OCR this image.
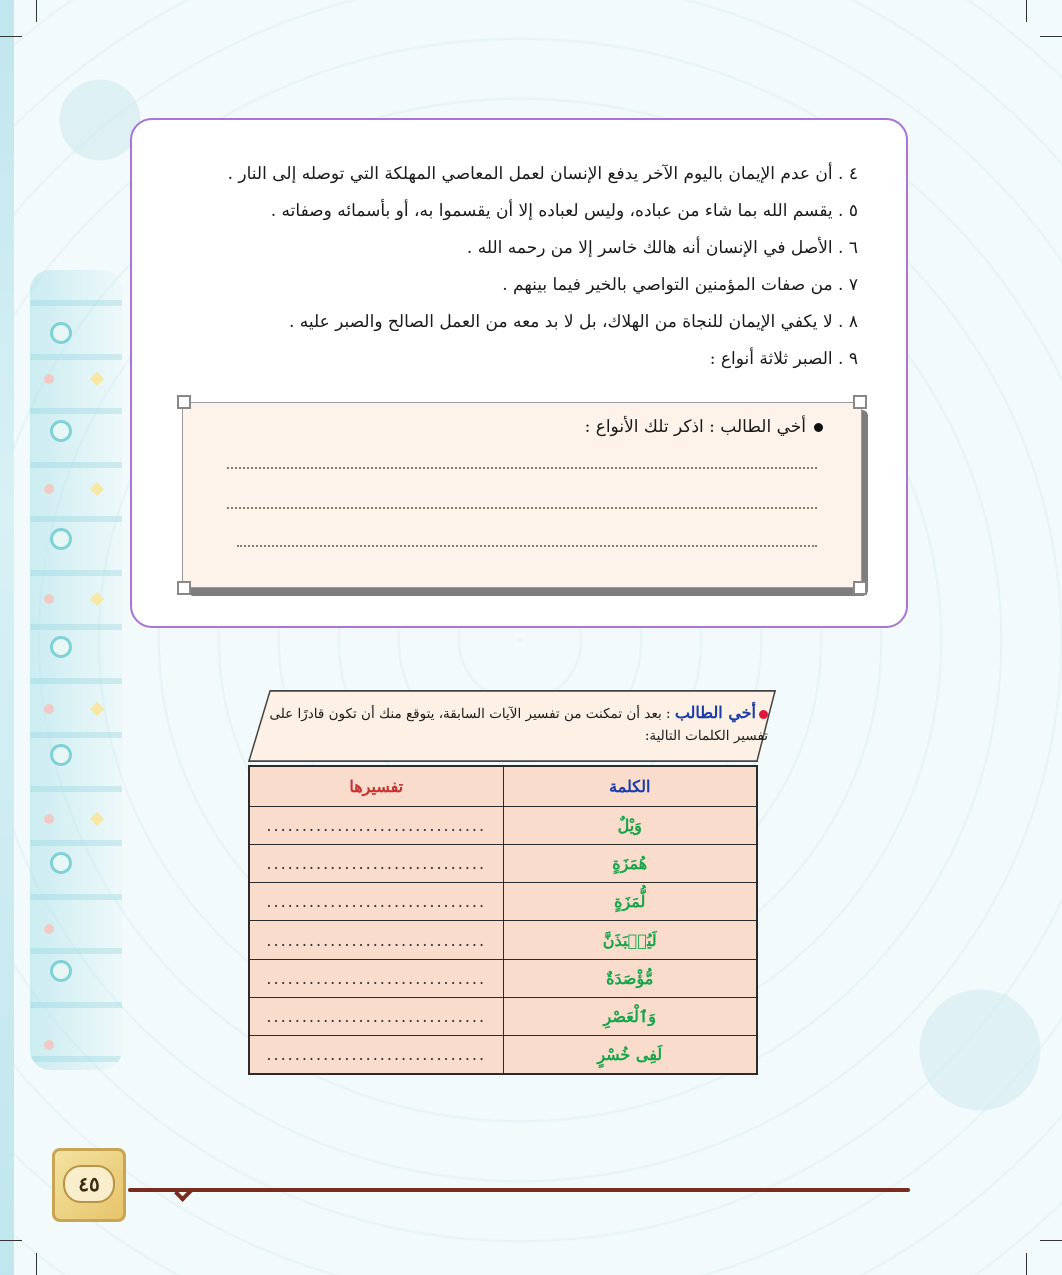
٤ . أن عدم الإيمان باليوم الآخر يدفع الإنسان لعمل المعاصي المهلكة التي توصله إلى النار .
٥ . يقسم الله بما شاء من عباده، وليس لعباده إلا أن يقسموا به، أو بأسمائه وصفاته .
٦ . الأصل في الإنسان أنه هالك خاسر إلا من رحمه الله .
٧ . من صفات المؤمنين التواصي بالخير فيما بينهم .
٨ . لا يكفي الإيمان للنجاة من الهلاك، بل لا بد معه من العمل الصالح والصبر عليه .
٩ . الصبر ثلاثة أنواع :
أخي الطالب : اذكر تلك الأنواع :
أخي الطالب : بعد أن تمكنت من تفسير الآيات السابقة، يتوقع منك أن تكون قادرًا على تفسير الكلمات التالية:
الكلمة	تفسيرها
وَيْلٌ	...............................
هُمَزَةٍ	...............................
لُّمَزَةٍ	...............................
لَيُنۢبَذَنَّ	...............................
مُّؤْصَدَةٌ	...............................
وَٱلْعَصْرِ	...............................
لَفِى خُسْرٍ	...............................
٤٥
